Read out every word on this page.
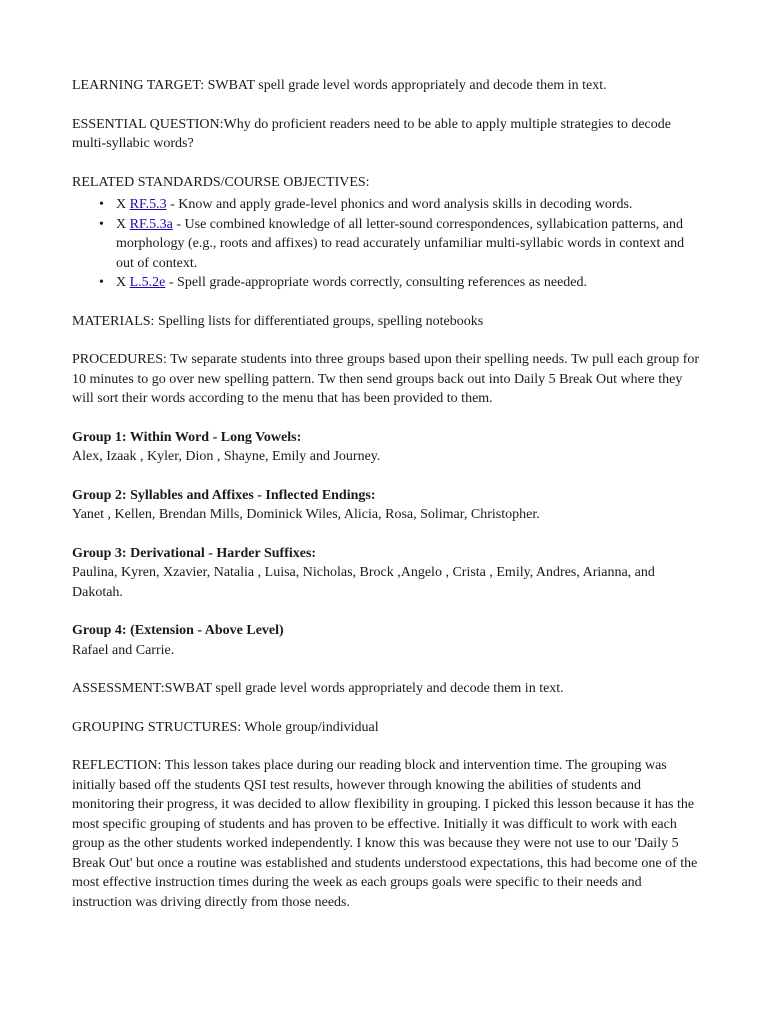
LEARNING TARGET: SWBAT spell grade level words appropriately and decode them in text.

ESSENTIAL QUESTION:Why do proficient readers need to be able to apply multiple strategies to decode multi-syllabic words?

RELATED STANDARDS/COURSE OBJECTIVES:

• X RF.5.3 - Know and apply grade-level phonics and word analysis skills in decoding words.
• X RF.5.3a - Use combined knowledge of all letter-sound correspondences, syllabication patterns, and morphology (e.g., roots and affixes) to read accurately unfamiliar multi-syllabic words in context and out of context.
• X L.5.2e - Spell grade-appropriate words correctly, consulting references as needed.

MATERIALS: Spelling lists for differentiated groups, spelling notebooks

PROCEDURES: Tw separate students into three groups based upon their spelling needs. Tw pull each group for 10 minutes to go over new spelling pattern. Tw then send groups back out into Daily 5 Break Out where they will sort their words according to the menu that has been provided to them.

Group 1: Within Word - Long Vowels:

Alex, Izaak , Kyler, Dion , Shayne, Emily and Journey.

Group 2: Syllables and Affixes - Inflected Endings:

Yanet , Kellen, Brendan Mills, Dominick Wiles, Alicia, Rosa, Solimar, Christopher.

Group 3: Derivational - Harder Suffixes:

Paulina, Kyren, Xzavier, Natalia , Luisa, Nicholas, Brock ,Angelo , Crista , Emily, Andres, Arianna, and Dakotah.

Group 4: (Extension - Above Level)

Rafael and Carrie.

ASSESSMENT:SWBAT spell grade level words appropriately and decode them in text.

GROUPING STRUCTURES: Whole group/individual

REFLECTION: This lesson takes place during our reading block and intervention time. The grouping was initially based off the students QSI test results, however through knowing the abilities of students and monitoring their progress, it was decided to allow flexibility in grouping. I picked this lesson because it has the most specific grouping of students and has proven to be effective. Initially it was difficult to work with each group as the other students worked independently. I know this was because they were not use to our 'Daily 5 Break Out' but once a routine was established and students understood expectations, this had become one of the most effective instruction times during the week as each groups goals were specific to their needs and instruction was driving directly from those needs.
